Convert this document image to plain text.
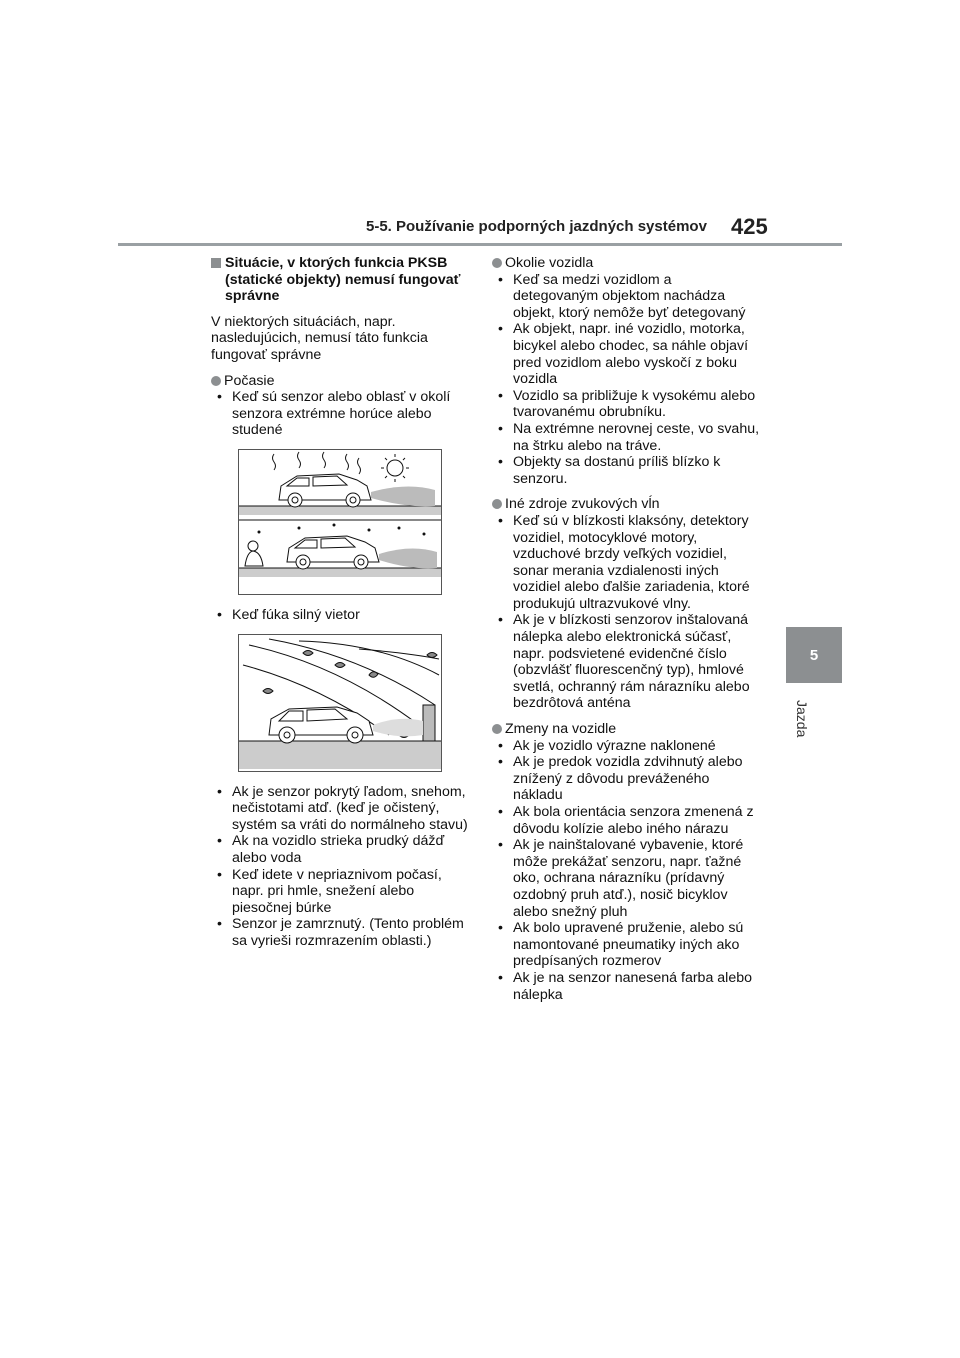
5-5. Používanie podporných jazdných systémov 425
5
Jazda
Situácie, v ktorých funkcia PKSB (statické objekty) nemusí fungovať správne

V niektorých situáciách, napr. nasledujúcich, nemusí táto funkcia fungovať správne

Počasie

• Keď sú senzor alebo oblasť v okolí senzora extrémne horúce alebo studené
• Keď fúka silný vietor
• Ak je senzor pokrytý ľadom, snehom, nečistotami atď. (keď je očistený, systém sa vráti do normálneho stavu)
• Ak na vozidlo strieka prudký dážď alebo voda
• Keď idete v nepriaznivom počasí, napr. pri hmle, snežení alebo piesočnej búrke
• Senzor je zamrznutý. (Tento problém sa vyrieši rozmrazením oblasti.)

Okolie vozidla

• Keď sa medzi vozidlom a detegovaným objektom nachádza objekt, ktorý nemôže byť detegovaný
• Ak objekt, napr. iné vozidlo, motorka, bicykel alebo chodec, sa náhle objaví pred vozidlom alebo vyskočí z boku vozidla
• Vozidlo sa približuje k vysokému alebo tvarovanému obrubníku.
• Na extrémne nerovnej ceste, vo svahu, na štrku alebo na tráve.
• Objekty sa dostanú príliš blízko k senzoru.

Iné zdroje zvukových vĺn

• Keď sú v blízkosti klaksóny, detektory vozidiel, motocyklové motory, vzduchové brzdy veľkých vozidiel, sonar merania vzdialenosti iných vozidiel alebo ďalšie zariadenia, ktoré produkujú ultrazvukové vlny.
• Ak je v blízkosti senzorov inštalovaná nálepka alebo elektronická súčasť, napr. podsvietené evidenčné číslo (obzvlášť fluorescenčný typ), hmlové svetlá, ochranný rám nárazníku alebo bezdrôtová anténa

Zmeny na vozidle

• Ak je vozidlo výrazne naklonené
• Ak je predok vozidla zdvihnutý alebo znížený z dôvodu preváženého nákladu
• Ak bola orientácia senzora zmenená z dôvodu kolízie alebo iného nárazu
• Ak je nainštalované vybavenie, ktoré môže prekážať senzoru, napr. ťažné oko, ochrana nárazníku (prídavný ozdobný pruh atď.), nosič bicyklov alebo snežný pluh
• Ak bolo upravené pruženie, alebo sú namontované pneumatiky iných ako predpísaných rozmerov
• Ak je na senzor nanesená farba alebo nálepka
